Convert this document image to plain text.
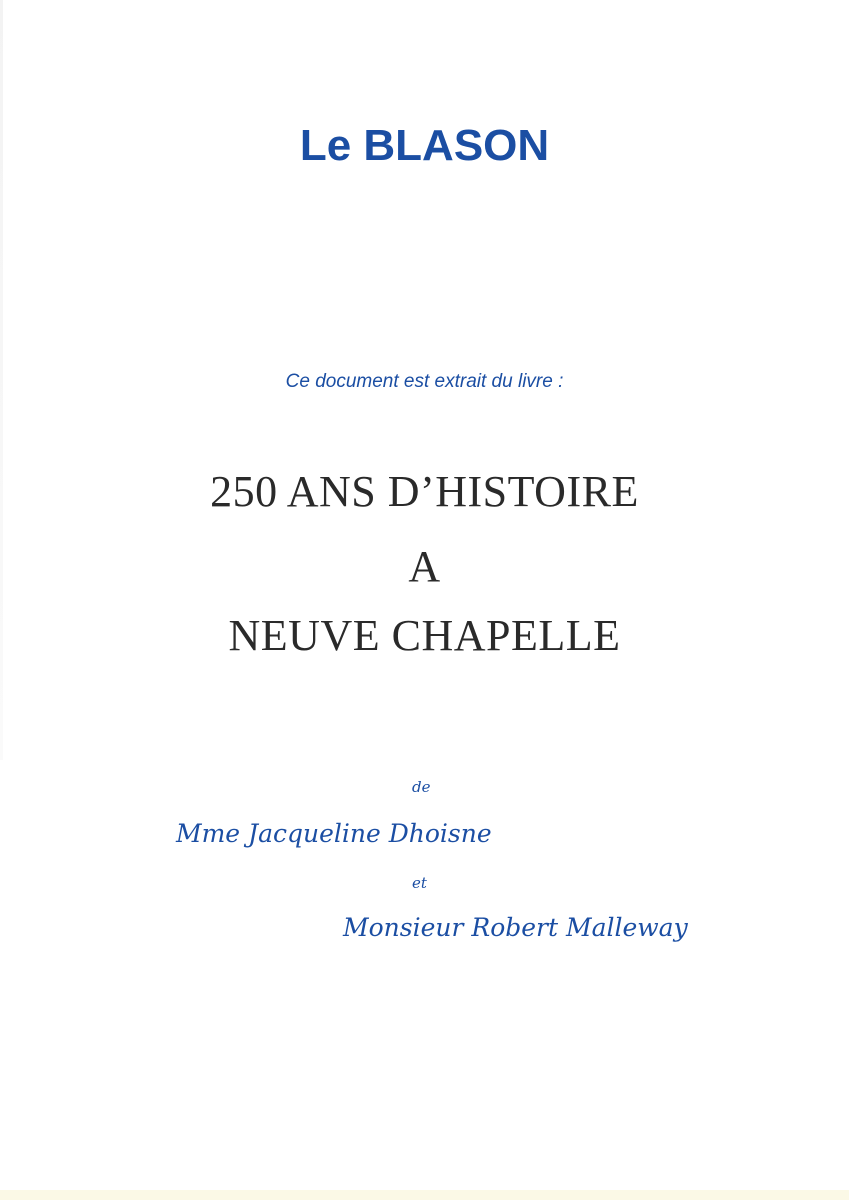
Le BLASON

Ce document est extrait du livre :

250 ANS D’HISTOIRE

A

NEUVE CHAPELLE

de

Mme Jacqueline Dhoisne

et

Monsieur Robert Malleway
